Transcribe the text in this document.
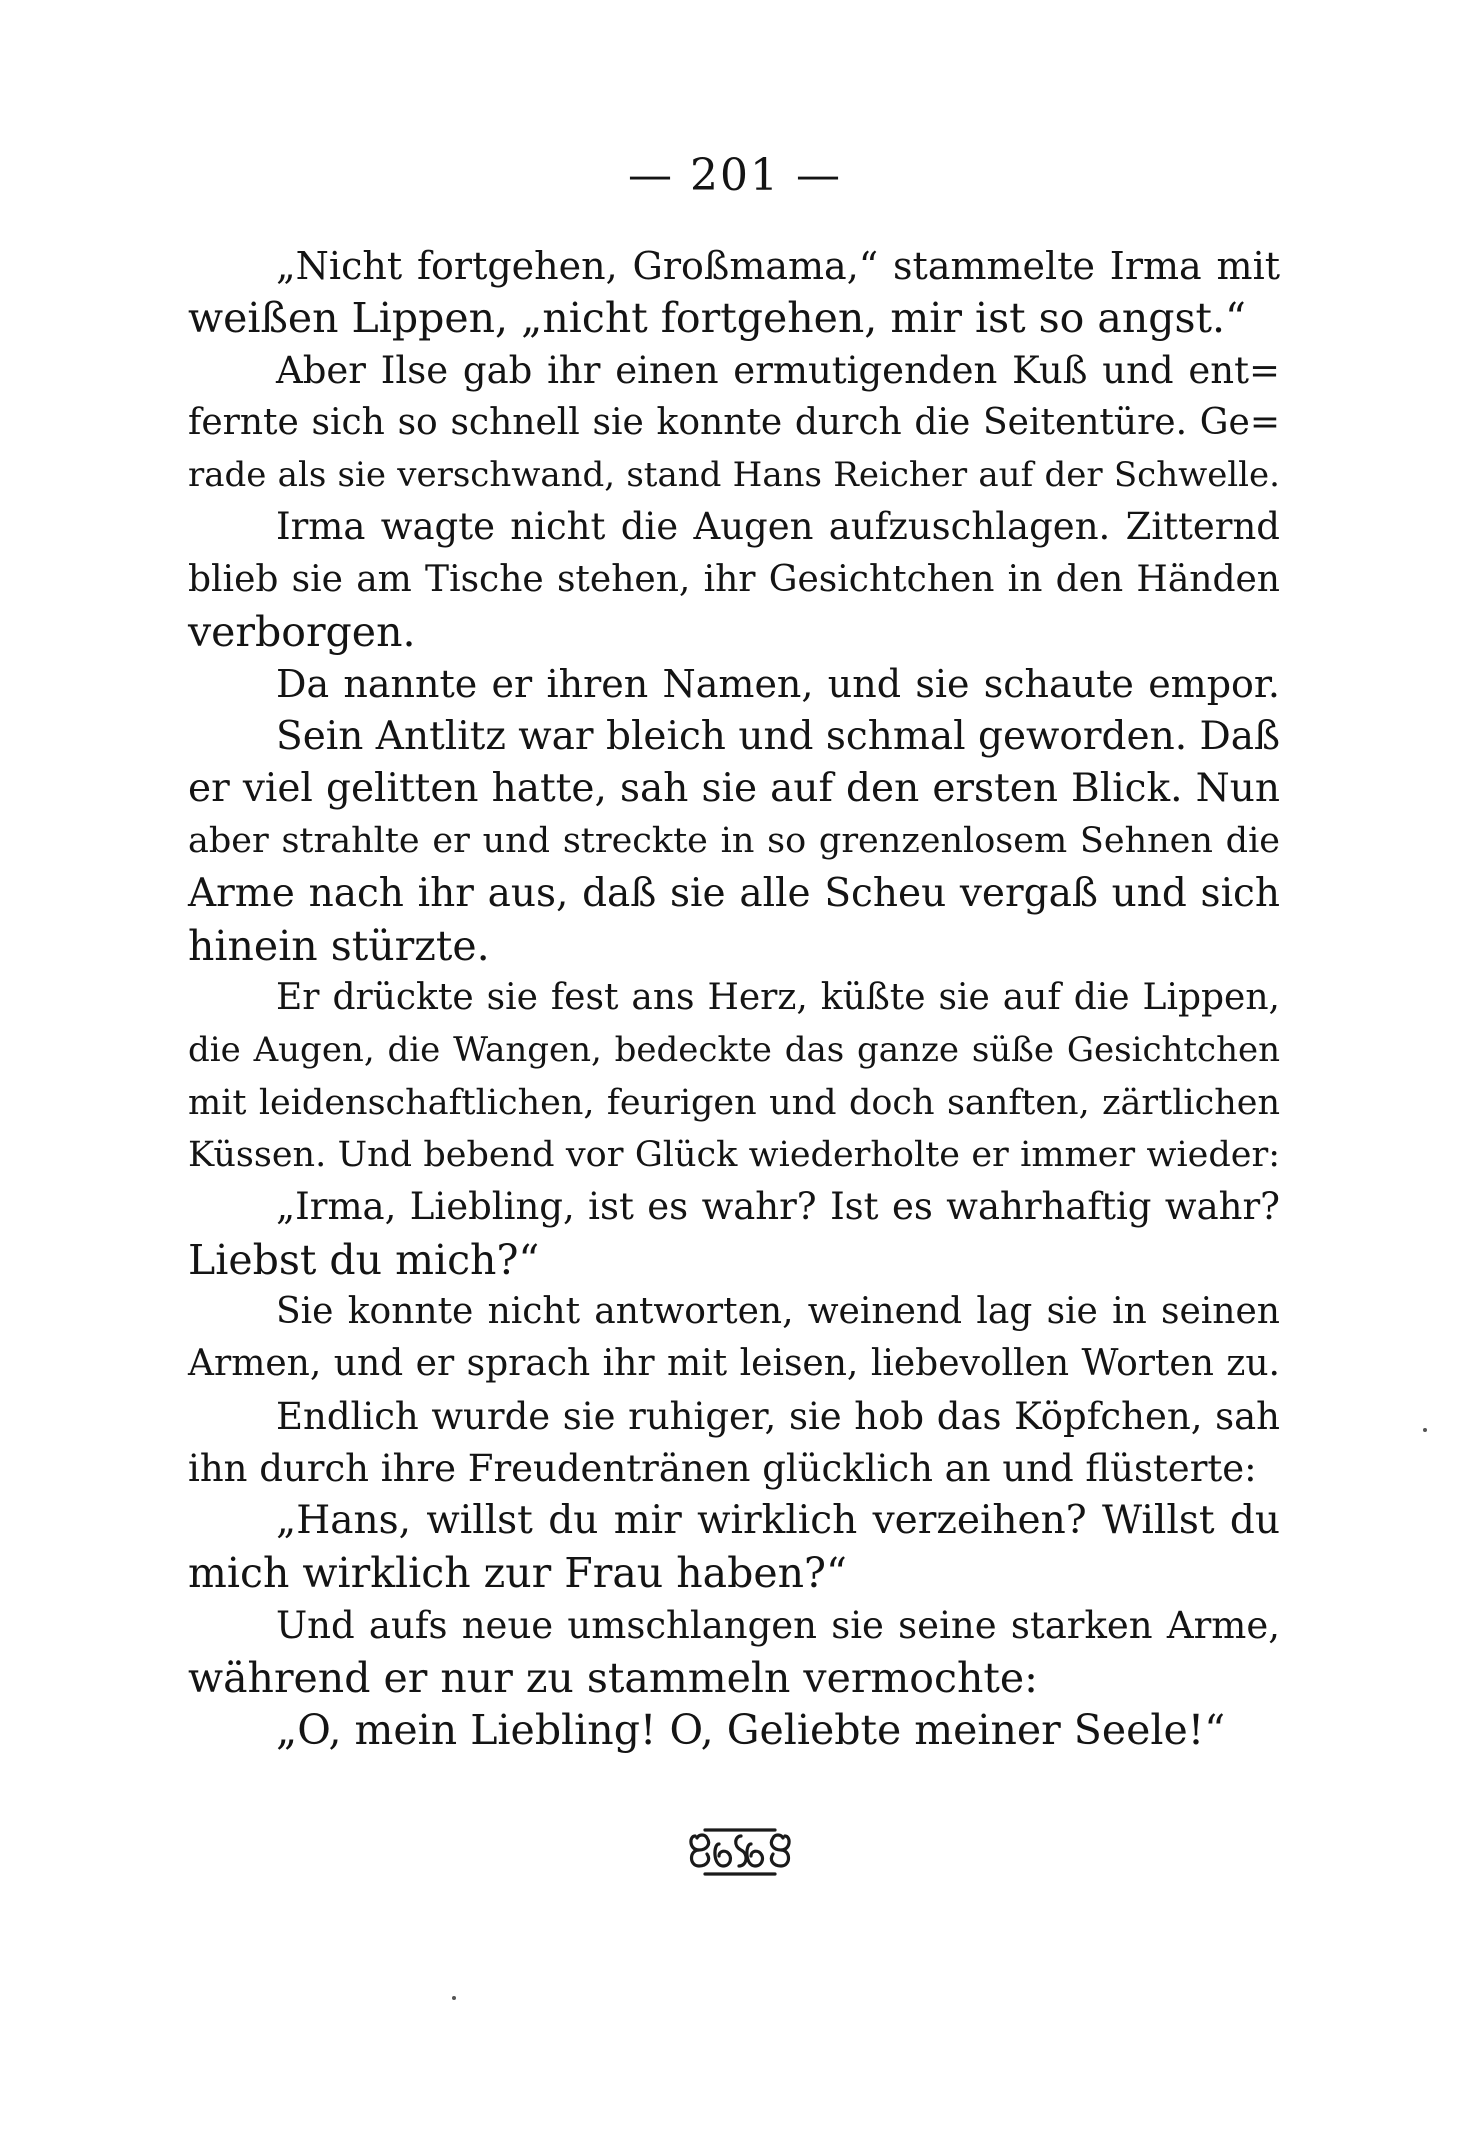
— 201 —
„Nicht fortgehen, Großmama,“ stammelte Irma mit
weißen Lippen, „nicht fortgehen, mir ist so angst.“
Aber Ilse gab ihr einen ermutigenden Kuß und ent=
fernte sich so schnell sie konnte durch die Seitentüre. Ge=
rade als sie verschwand, stand Hans Reicher auf der Schwelle.
Irma wagte nicht die Augen aufzuschlagen. Zitternd
blieb sie am Tische stehen, ihr Gesichtchen in den Händen
verborgen.
Da nannte er ihren Namen, und sie schaute empor.
Sein Antlitz war bleich und schmal geworden. Daß
er viel gelitten hatte, sah sie auf den ersten Blick. Nun
aber strahlte er und streckte in so grenzenlosem Sehnen die
Arme nach ihr aus, daß sie alle Scheu vergaß und sich
hinein stürzte.
Er drückte sie fest ans Herz, küßte sie auf die Lippen,
die Augen, die Wangen, bedeckte das ganze süße Gesichtchen
mit leidenschaftlichen, feurigen und doch sanften, zärtlichen
Küssen. Und bebend vor Glück wiederholte er immer wieder:
„Irma, Liebling, ist es wahr? Ist es wahrhaftig wahr?
Liebst du mich?“
Sie konnte nicht antworten, weinend lag sie in seinen
Armen, und er sprach ihr mit leisen, liebevollen Worten zu.
Endlich wurde sie ruhiger, sie hob das Köpfchen, sah
ihn durch ihre Freudentränen glücklich an und flüsterte:
„Hans, willst du mir wirklich verzeihen? Willst du
mich wirklich zur Frau haben?“
Und aufs neue umschlangen sie seine starken Arme,
während er nur zu stammeln vermochte:
„O, mein Liebling! O, Geliebte meiner Seele!“
